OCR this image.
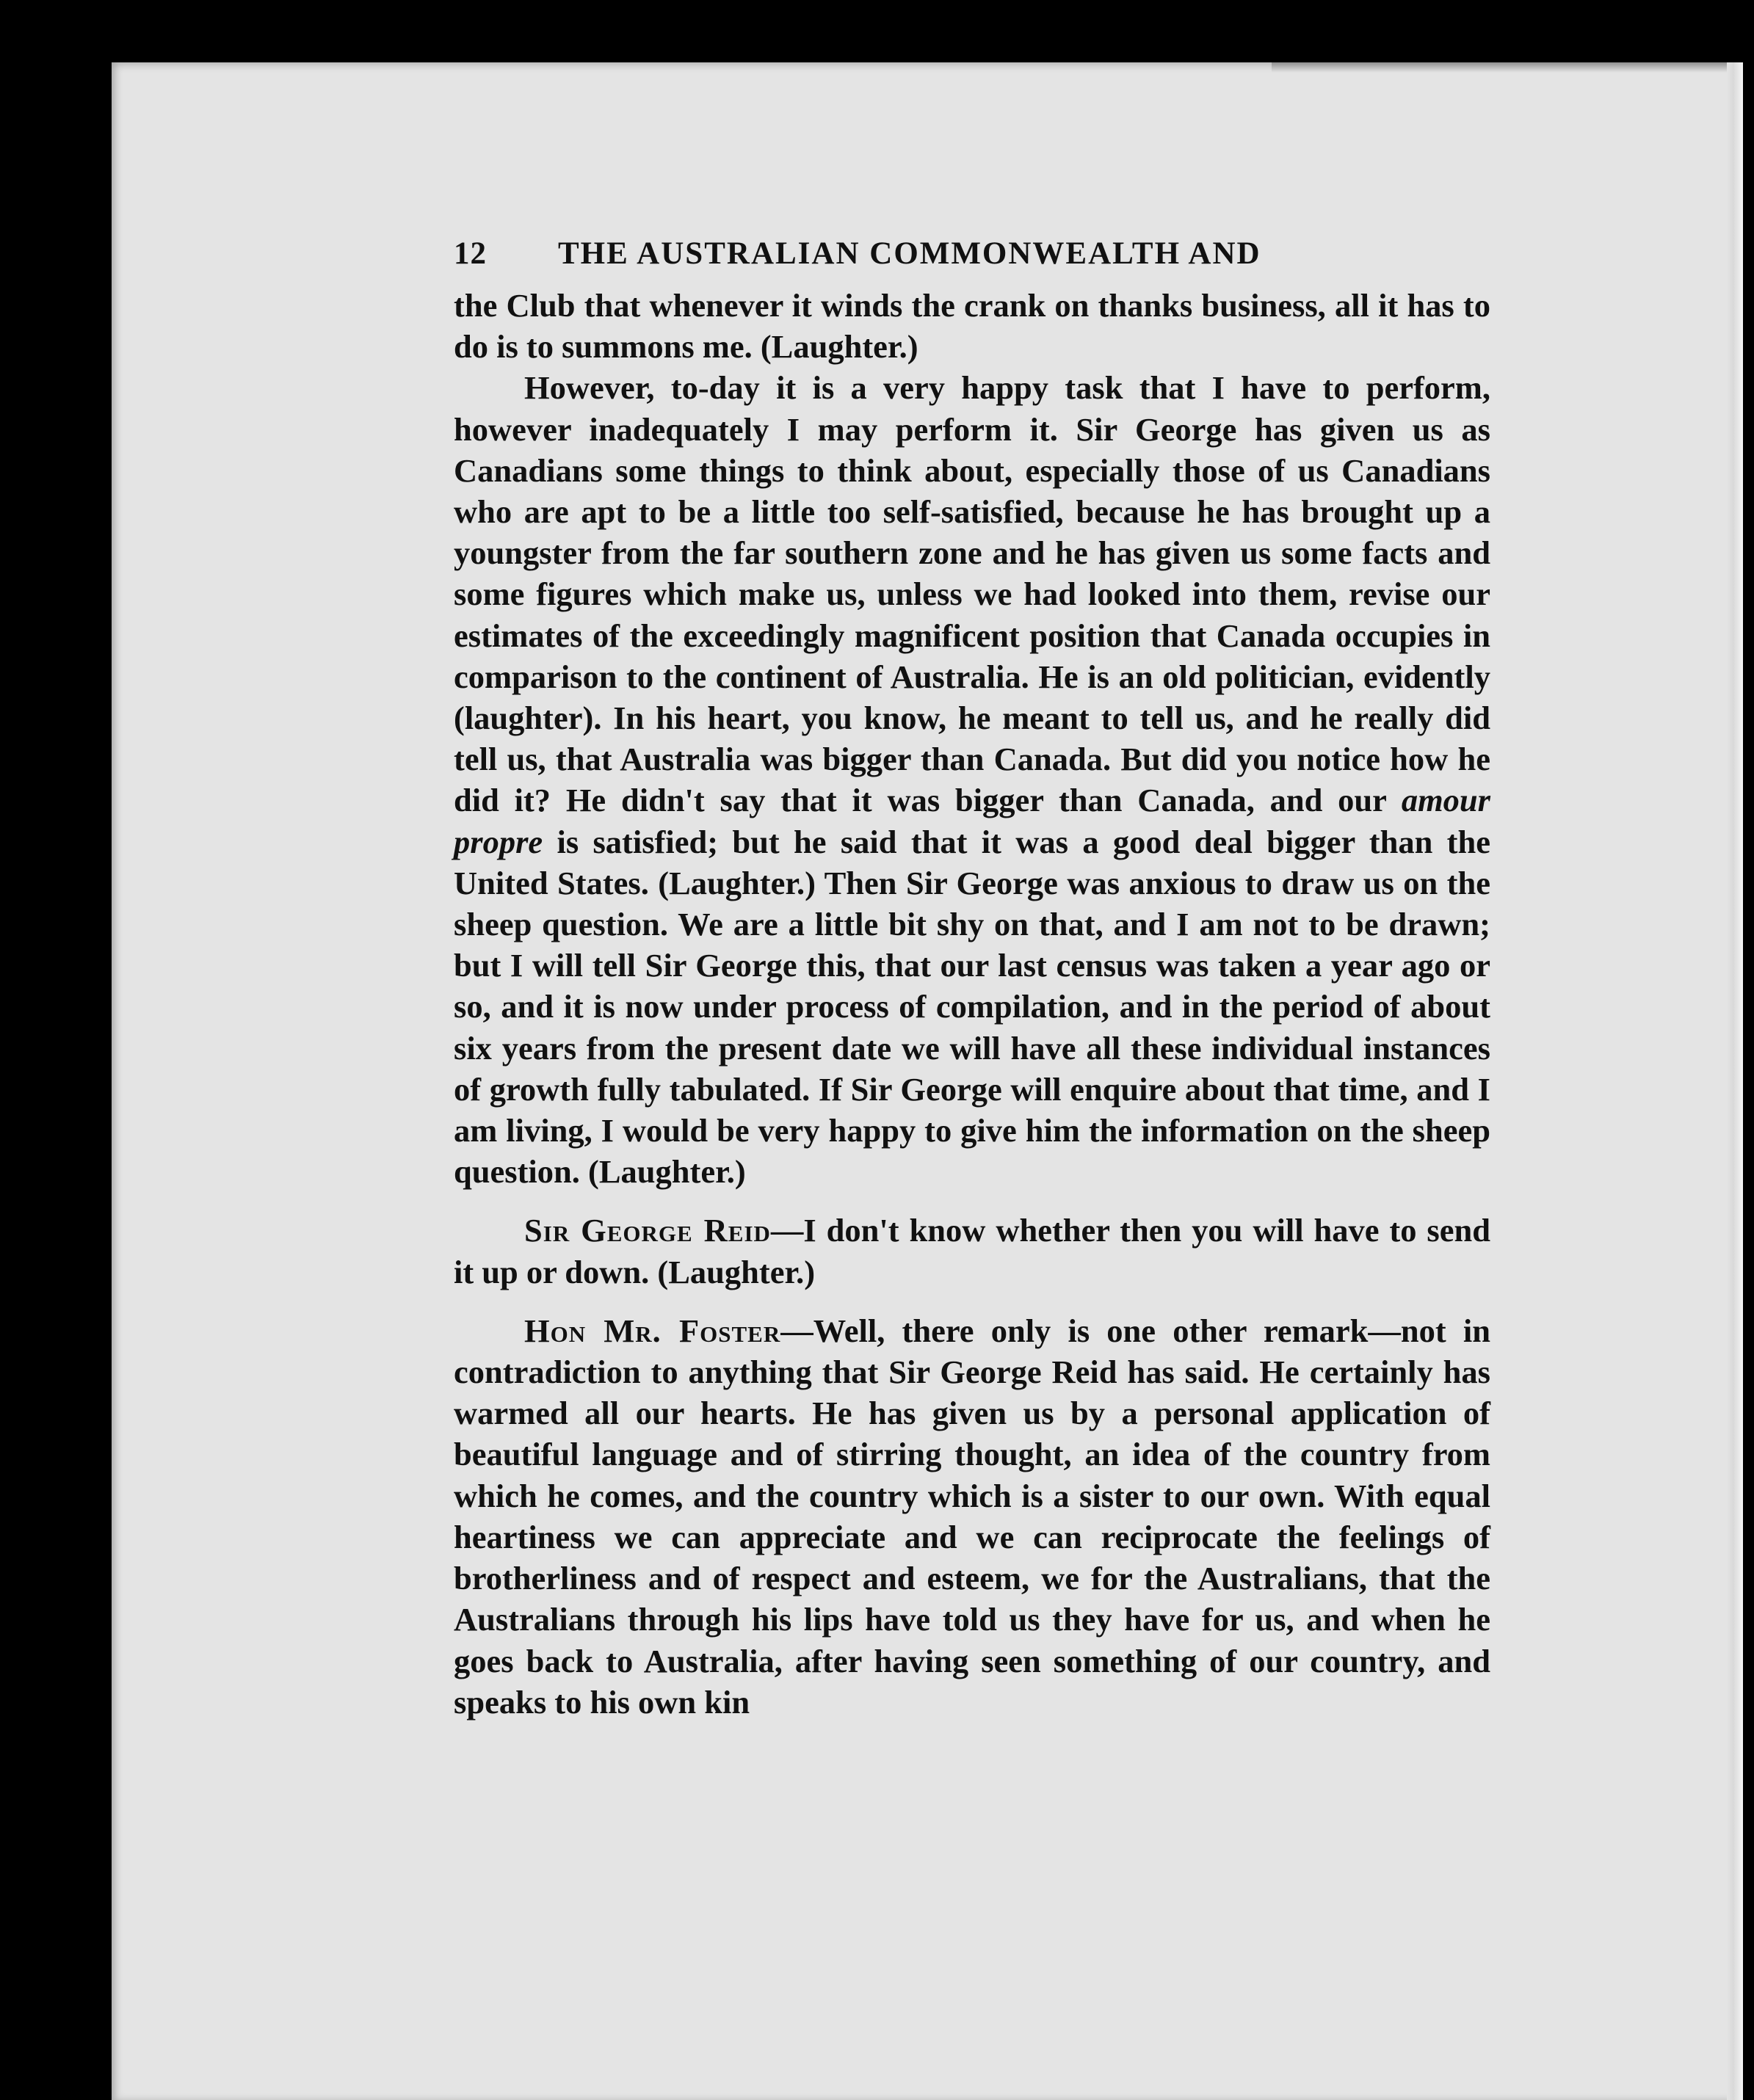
12	THE AUSTRALIAN COMMONWEALTH AND

the Club that whenever it winds the crank on thanks business, all it has to do is to summons me. (Laughter.)

However, to-day it is a very happy task that I have to perform, however inadequately I may perform it. Sir George has given us as Canadians some things to think about, especially those of us Canadians who are apt to be a little too self-satisfied, because he has brought up a youngster from the far southern zone and he has given us some facts and some figures which make us, unless we had looked into them, revise our estimates of the exceedingly magnificent position that Canada occupies in comparison to the continent of Australia. He is an old politician, evidently (laughter). In his heart, you know, he meant to tell us, and he really did tell us, that Australia was bigger than Canada. But did you notice how he did it? He didn't say that it was bigger than Canada, and our amour propre is satisfied; but he said that it was a good deal bigger than the United States. (Laughter.) Then Sir George was anxious to draw us on the sheep question. We are a little bit shy on that, and I am not to be drawn; but I will tell Sir George this, that our last census was taken a year ago or so, and it is now under process of compilation, and in the period of about six years from the present date we will have all these individual instances of growth fully tabulated. If Sir George will enquire about that time, and I am living, I would be very happy to give him the information on the sheep question. (Laughter.)

Sir George Reid—I don't know whether then you will have to send it up or down. (Laughter.)

Hon Mr. Foster—Well, there only is one other remark—not in contradiction to anything that Sir George Reid has said. He certainly has warmed all our hearts. He has given us by a personal application of beautiful language and of stirring thought, an idea of the country from which he comes, and the country which is a sister to our own. With equal heartiness we can appreciate and we can reciprocate the feelings of brotherliness and of respect and esteem, we for the Australians, that the Australians through his lips have told us they have for us, and when he goes back to Australia, after having seen something of our country, and speaks to his own kin
